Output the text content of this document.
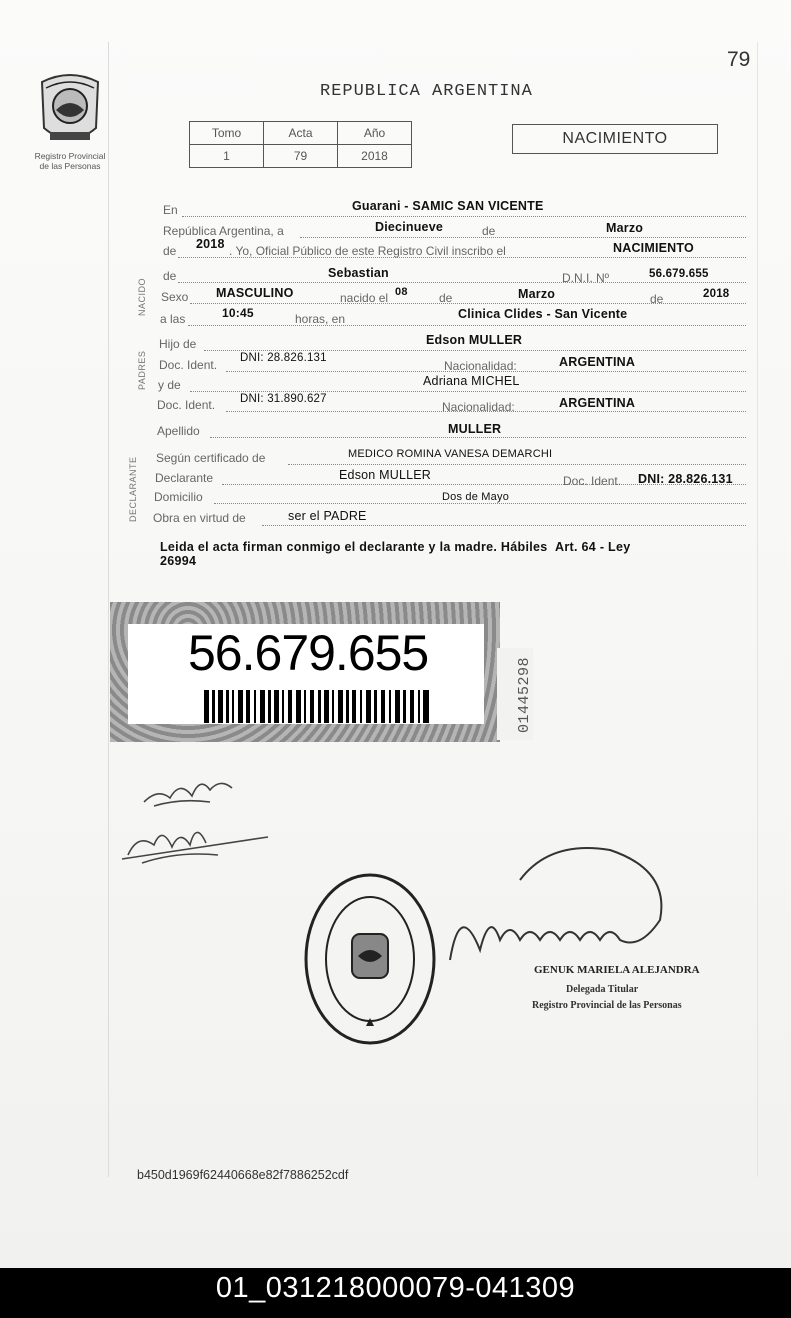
79
Registro Provincial
de las Personas
REPUBLICA ARGENTINA
Tomo	Acta	Año
1	79	2018
NACIMIENTO
En	Guarani - SAMIC SAN VICENTE
República Argentina, a	Diecinueve	de	Marzo
de 2018 . Yo, Oficial Público de este Registro Civil inscribo el	NACIMIENTO
de	Sebastian	D.N.I. Nº	56.679.655
Sexo MASCULINO	nacido el 08	de	Marzo	de	2018
a las	10:45	horas, en	Clinica Clides - San Vicente
NACIDO
Hijo de	Edson MULLER
Doc. Ident. DNI: 28.826.131
Nacionalidad:	ARGENTINA
PADRES y de	Adriana MICHEL
Doc. Ident. DNI: 31.890.627
Nacionalidad:	ARGENTINA
Apellido	MULLER
Según certificado de	MEDICO ROMINA VANESA DEMARCHI
Declarante	Edson MULLER	Doc. Ident. DNI: 28.826.131
DECLARANTE Domicilio	Dos de Mayo
Obra en virtud de	ser el PADRE
Leida el acta firman conmigo el declarante y la madre. Hábiles Art. 64 - Ley
26994
56.679.655
01445298
GENUK MARIELA ALEJANDRA
Delegada Titular
Registro Provincial de las Personas
b450d1969f62440668e82f7886252cdf
01_031218000079-041309
